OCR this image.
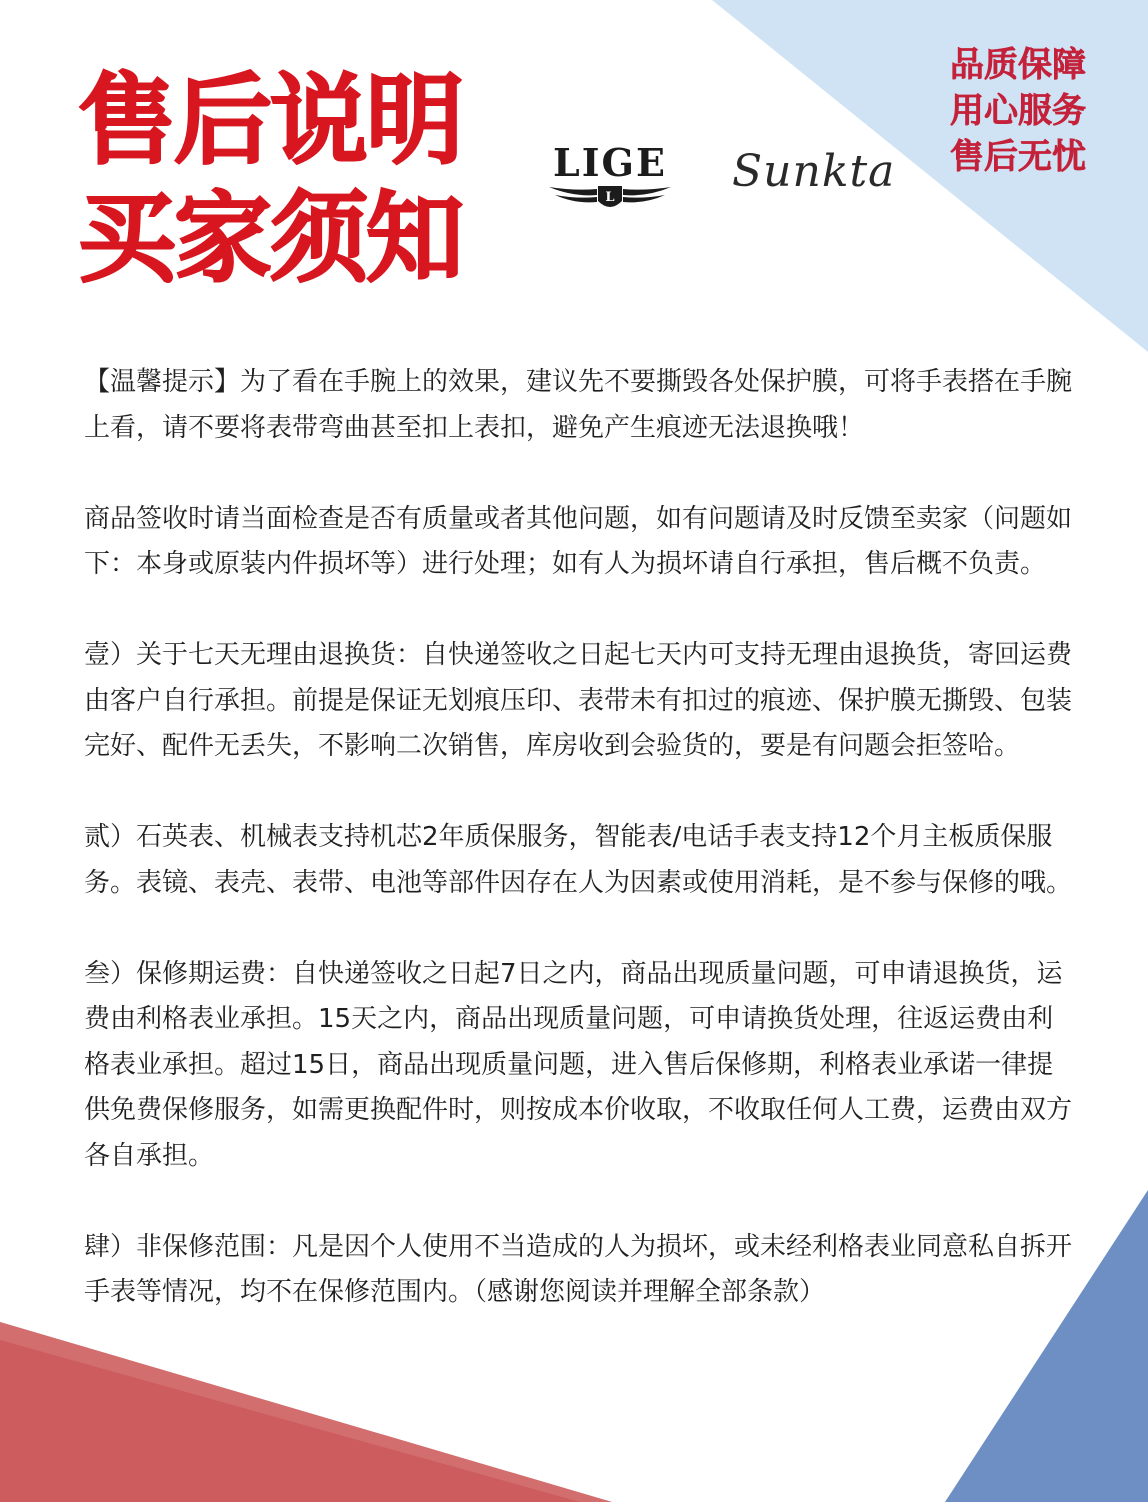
售后说明
买家须知
LIGE
L
Sunkta
品质保障
用心服务
售后无忧

【温馨提示】为了看在手腕上的效果，建议先不要撕毁各处保护膜，可将手表搭在手腕上看，请不要将表带弯曲甚至扣上表扣，避免产生痕迹无法退换哦！

商品签收时请当面检查是否有质量或者其他问题，如有问题请及时反馈至卖家（问题如下：本身或原装内件损坏等）进行处理；如有人为损坏请自行承担，售后概不负责。

壹）关于七天无理由退换货：自快递签收之日起七天内可支持无理由退换货，寄回运费由客户自行承担。前提是保证无划痕压印、表带未有扣过的痕迹、保护膜无撕毁、包装完好、配件无丢失，不影响二次销售，库房收到会验货的，要是有问题会拒签哈。

贰）石英表、机械表支持机芯2年质保服务，智能表/电话手表支持12个月主板质保服务。表镜、表壳、表带、电池等部件因存在人为因素或使用消耗，是不参与保修的哦。

叁）保修期运费：自快递签收之日起7日之内，商品出现质量问题，可申请退换货，运费由利格表业承担。15天之内，商品出现质量问题，可申请换货处理，往返运费由利格表业承担。超过15日，商品出现质量问题，进入售后保修期，利格表业承诺一律提供免费保修服务，如需更换配件时，则按成本价收取，不收取任何人工费，运费由双方各自承担。

肆）非保修范围：凡是因个人使用不当造成的人为损坏，或未经利格表业同意私自拆开手表等情况，均不在保修范围内。（感谢您阅读并理解全部条款）
